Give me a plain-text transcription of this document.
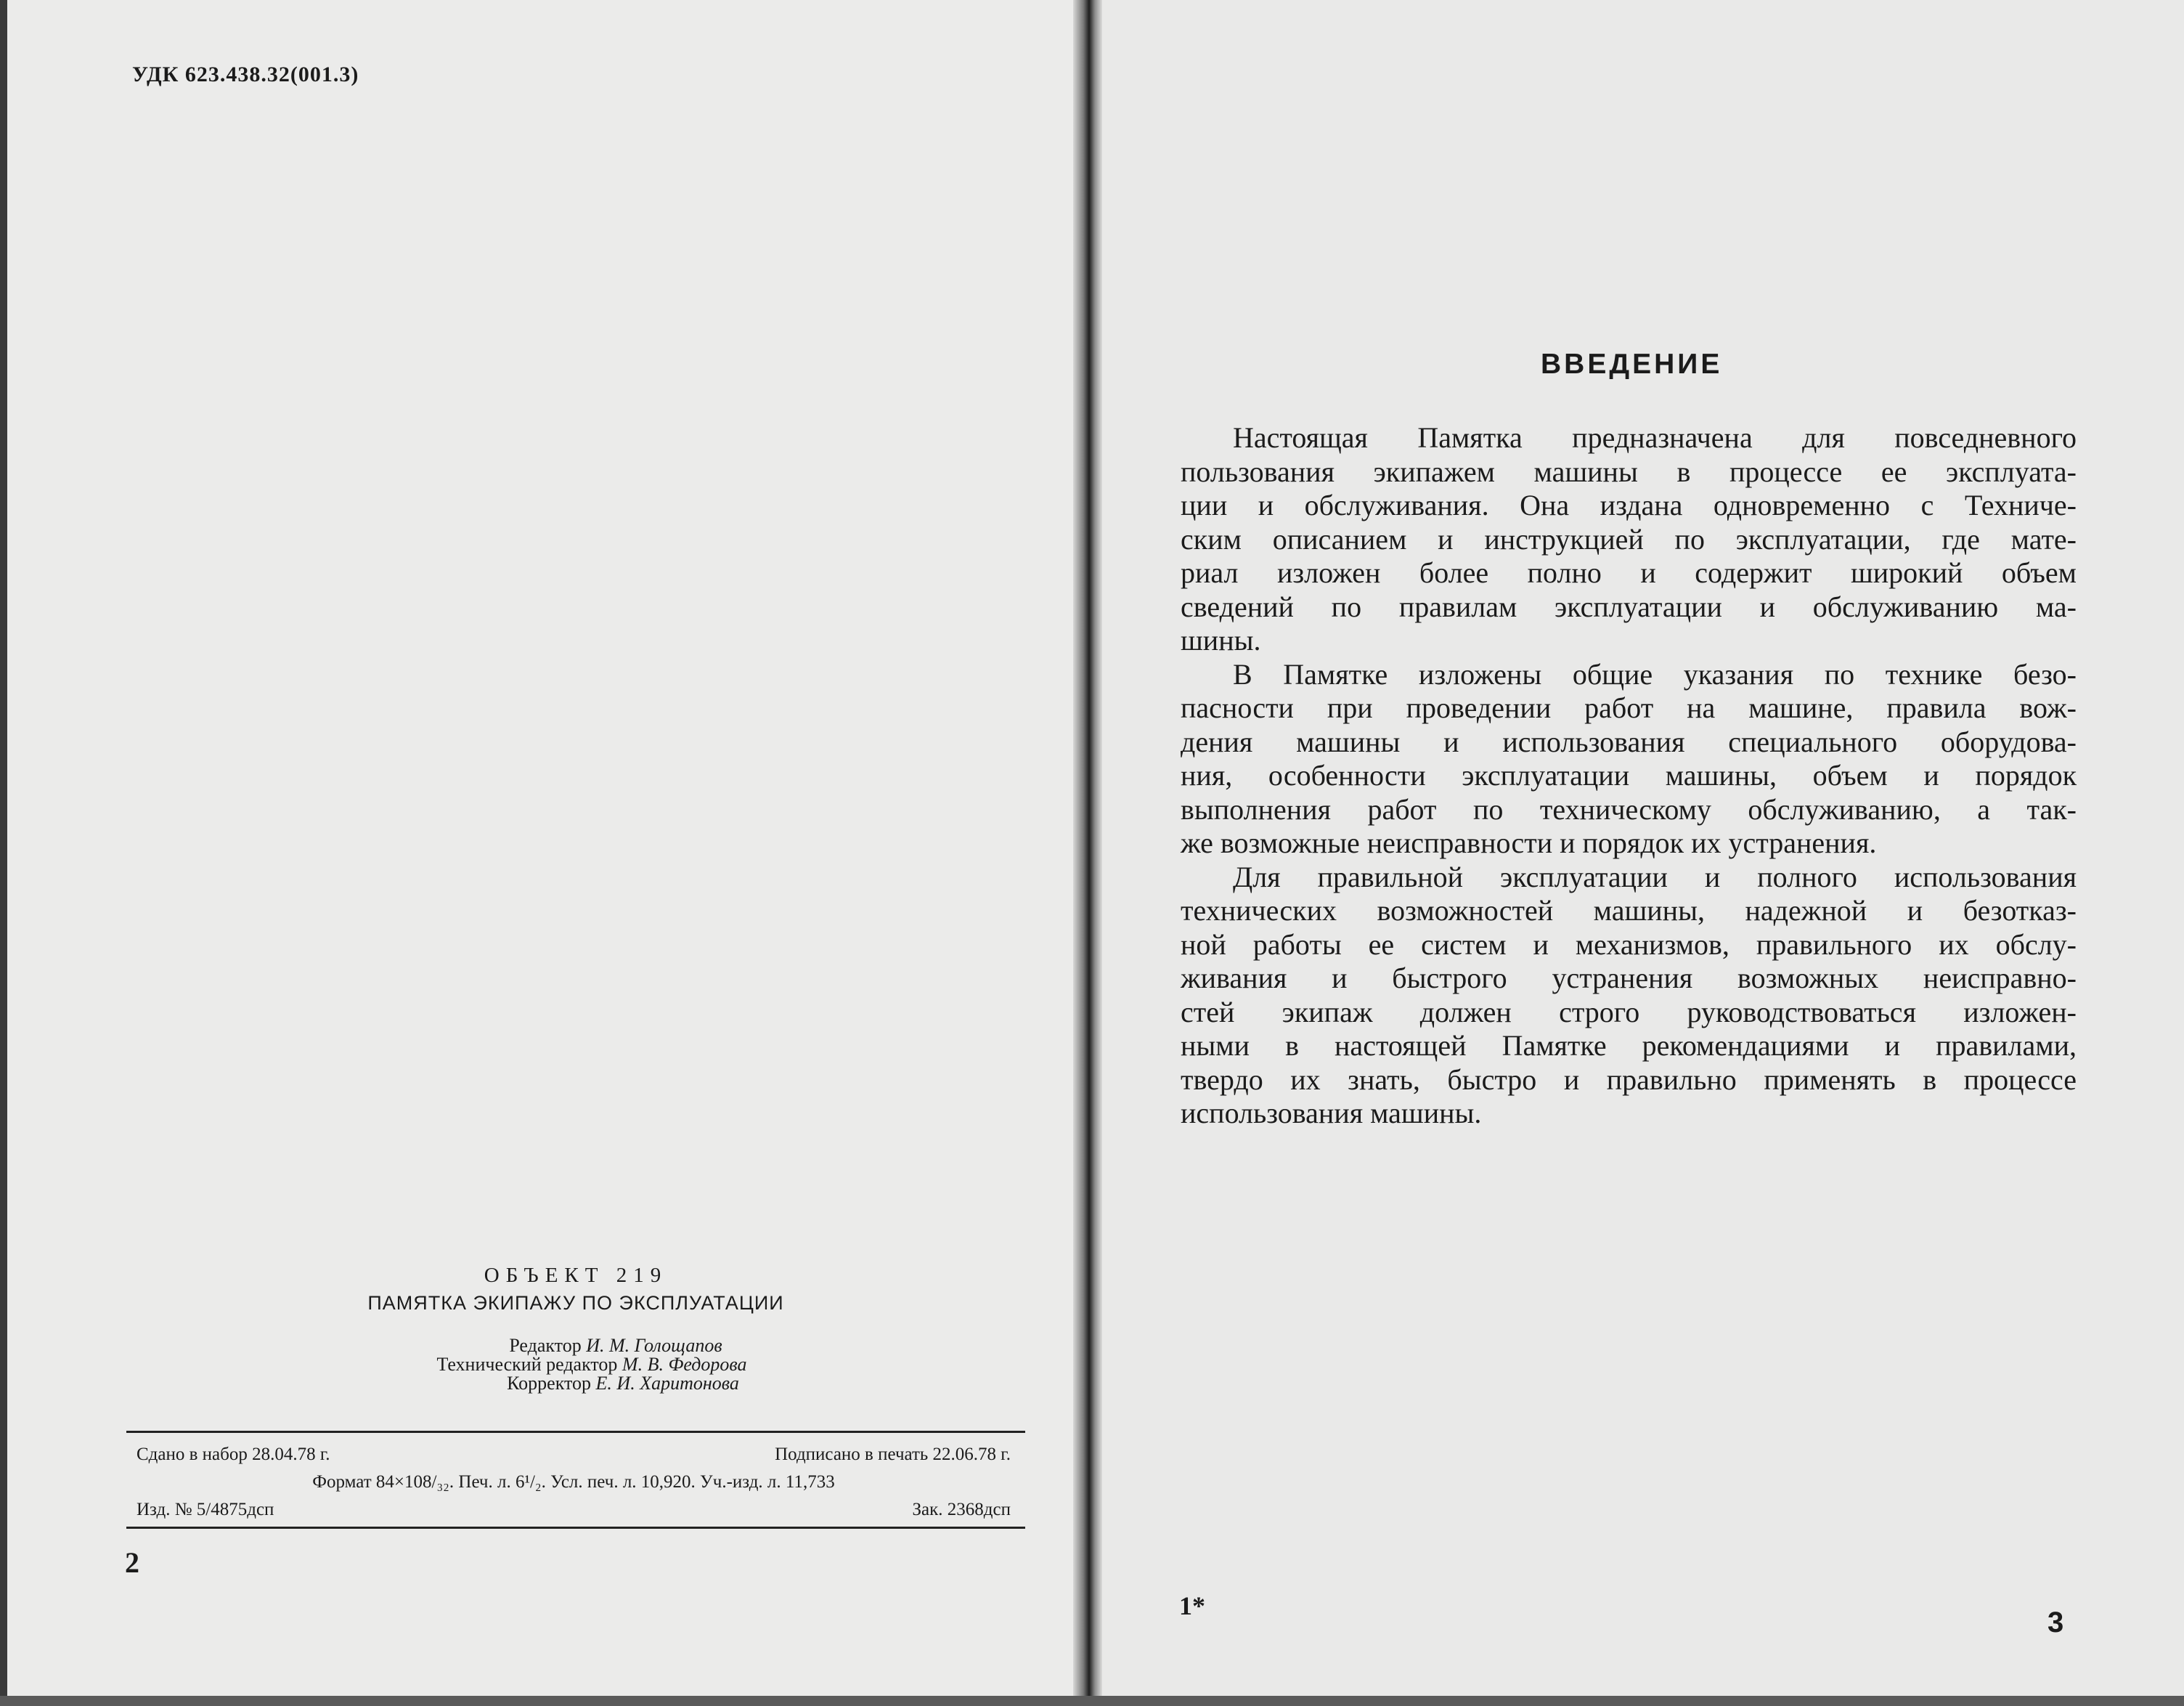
УДК 623.438.32(001.3)
ОБЪЕКТ 219
ПАМЯТКА ЭКИПАЖУ ПО ЭКСПЛУАТАЦИИ
Редактор И. М. Голощапов
Технический редактор М. В. Федорова
Корректор Е. И. Харитонова
Сдано в набор 28.04.78 г.	Подписано в печать 22.06.78 г.
Формат 84×108/₃₂. Печ. л. 6¹/₂. Усл. печ. л. 10,920. Уч.-изд. л. 11,733
Изд. № 5/4875дсп	Зак. 2368дсп
2
ВВЕДЕНИЕ
Настоящая Памятка предназначена для повседневного
пользования экипажем машины в процессе ее эксплуата-
ции и обслуживания. Она издана одновременно с Техниче-
ским описанием и инструкцией по эксплуатации, где мате-
риал изложен более полно и содержит широкий объем
сведений по правилам эксплуатации и обслуживанию ма-
шины.
В Памятке изложены общие указания по технике безо-
пасности при проведении работ на машине, правила вож-
дения машины и использования специального оборудова-
ния, особенности эксплуатации машины, объем и порядок
выполнения работ по техническому обслуживанию, а так-
же возможные неисправности и порядок их устранения.
Для правильной эксплуатации и полного использования
технических возможностей машины, надежной и безотказ-
ной работы ее систем и механизмов, правильного их обслу-
живания и быстрого устранения возможных неисправно-
стей экипаж должен строго руководствоваться изложен-
ными в настоящей Памятке рекомендациями и правилами,
твердо их знать, быстро и правильно применять в процессе
использования машины.
1*
3
